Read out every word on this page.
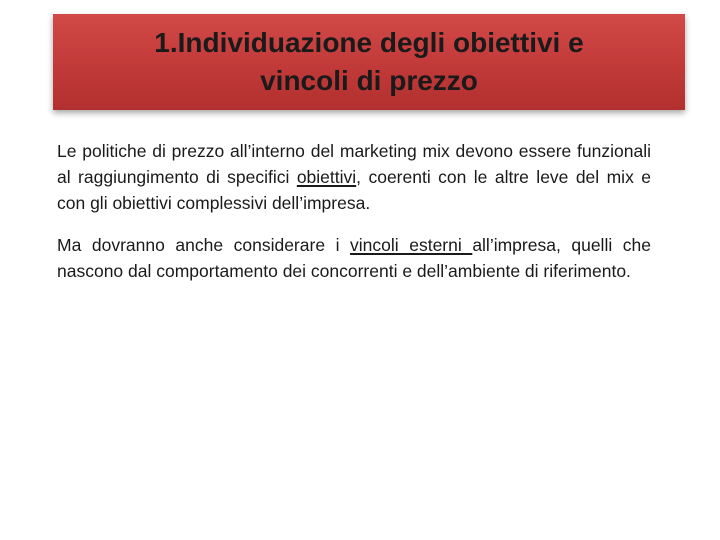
1.Individuazione degli obiettivi e
vincoli di prezzo

Le politiche di prezzo all’interno del marketing mix devono essere funzionali al raggiungimento di specifici obiettivi, coerenti con le altre leve del mix e con gli obiettivi complessivi dell’impresa.

Ma dovranno anche considerare i vincoli esterni all’impresa, quelli che nascono dal comportamento dei concorrenti e dell’ambiente di riferimento.
